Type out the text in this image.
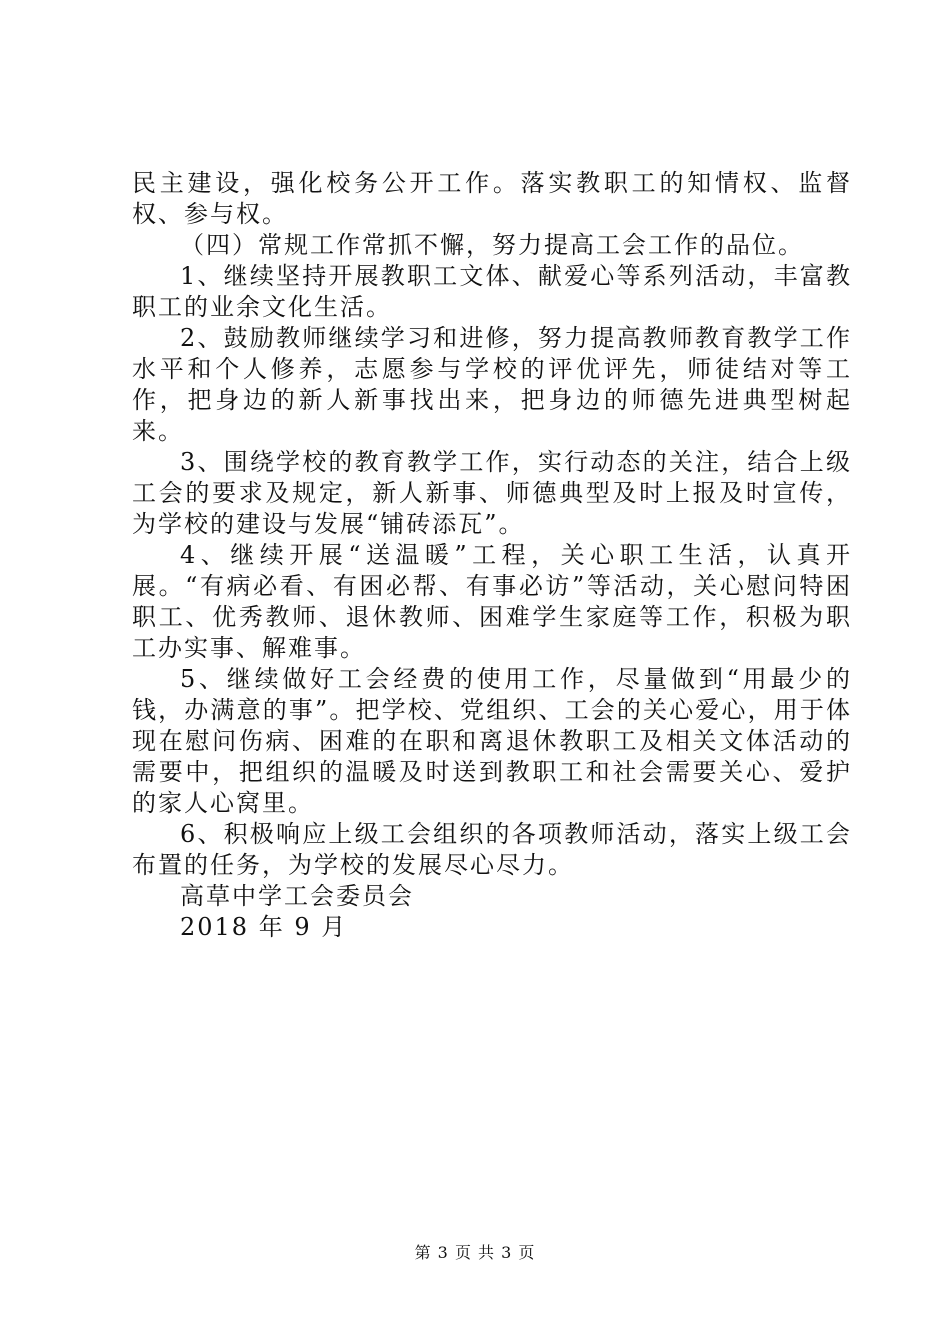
民主建设，强化校务公开工作。落实教职工的知情权、监督权、参与权。

（四）常规工作常抓不懈，努力提高工会工作的品位。

1、继续坚持开展教职工文体、献爱心等系列活动，丰富教职工的业余文化生活。

2、鼓励教师继续学习和进修，努力提高教师教育教学工作水平和个人修养，志愿参与学校的评优评先，师徒结对等工作，把身边的新人新事找出来，把身边的师德先进典型树起来。

3、围绕学校的教育教学工作，实行动态的关注，结合上级工会的要求及规定，新人新事、师德典型及时上报及时宣传，为学校的建设与发展“铺砖添瓦”。

4、继续开展“送温暖”工程，关心职工生活，认真开展。“有病必看、有困必帮、有事必访”等活动，关心慰问特困职工、优秀教师、退休教师、困难学生家庭等工作，积极为职工办实事、解难事。

5、继续做好工会经费的使用工作，尽量做到“用最少的钱，办满意的事”。把学校、党组织、工会的关心爱心，用于体现在慰问伤病、困难的在职和离退休教职工及相关文体活动的需要中，把组织的温暖及时送到教职工和社会需要关心、爱护的家人心窝里。

6、积极响应上级工会组织的各项教师活动，落实上级工会布置的任务，为学校的发展尽心尽力。

高草中学工会委员会

2018 年 9 月

第 3 页 共 3 页
